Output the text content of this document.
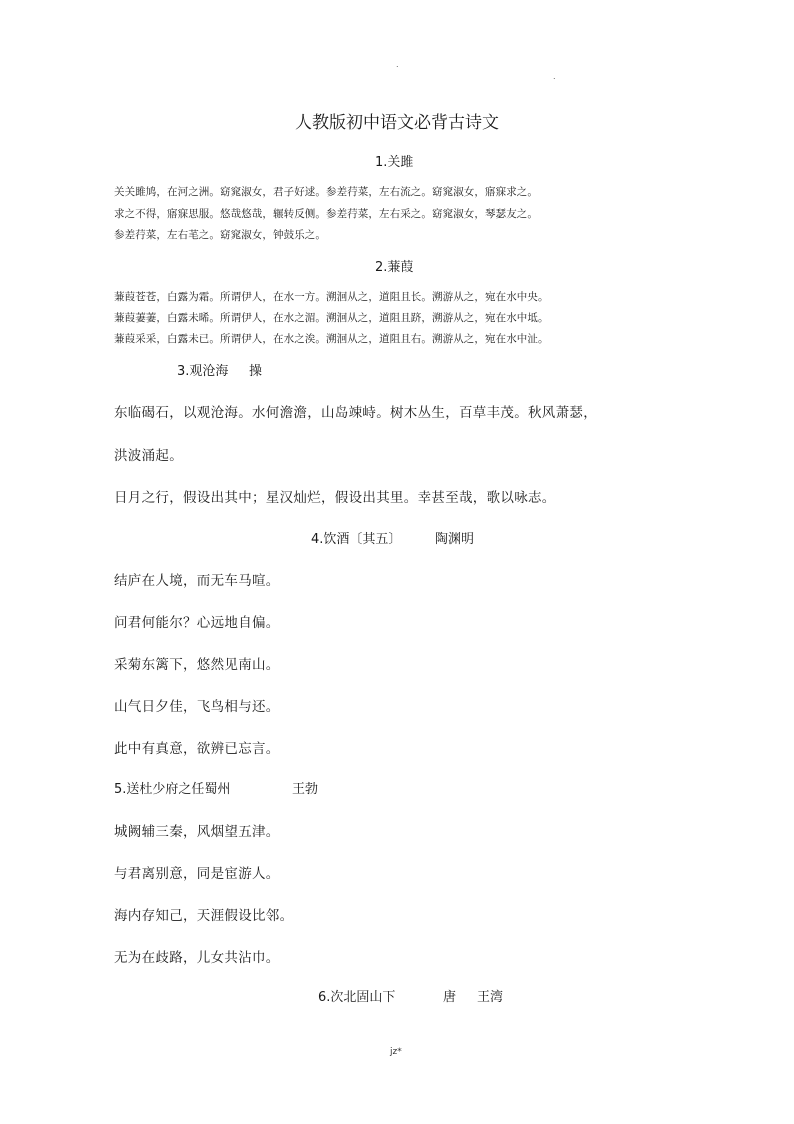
.
.
人教版初中语文必背古诗文
1.关雎
关关雎鸠，在河之洲。窈窕淑女，君子好逑。参差荇菜，左右流之。窈窕淑女，寤寐求之。
求之不得，寤寐思服。悠哉悠哉，辗转反侧。参差荇菜，左右采之。窈窕淑女，琴瑟友之。
参差荇菜，左右芼之。窈窕淑女，钟鼓乐之。
2.蒹葭
蒹葭苍苍，白露为霜。所谓伊人，在水一方。溯洄从之，道阻且长。溯游从之，宛在水中央。
蒹葭萋萋，白露未晞。所谓伊人，在水之湄。溯洄从之，道阻且跻，溯游从之，宛在水中坻。
蒹葭采采，白露未已。所谓伊人，在水之涘。溯洄从之，道阻且右。溯游从之，宛在水中沚。
3.观沧海 操
东临碣石，以观沧海。水何澹澹，山岛竦峙。树木丛生，百草丰茂。秋风萧瑟，
洪波涌起。
日月之行，假设出其中；星汉灿烂，假设出其里。幸甚至哉，歌以咏志。
4.饮酒〔其五〕	陶渊明
结庐在人境，而无车马喧。
问君何能尔？心远地自偏。
采菊东篱下，悠然见南山。
山气日夕佳，飞鸟相与还。
此中有真意，欲辨已忘言。
5.送杜少府之任蜀州	王勃
城阙辅三秦，风烟望五津。
与君离别意，同是宦游人。
海内存知己，天涯假设比邻。
无为在歧路，儿女共沾巾。
6.次北固山下	唐 王湾
jz*
